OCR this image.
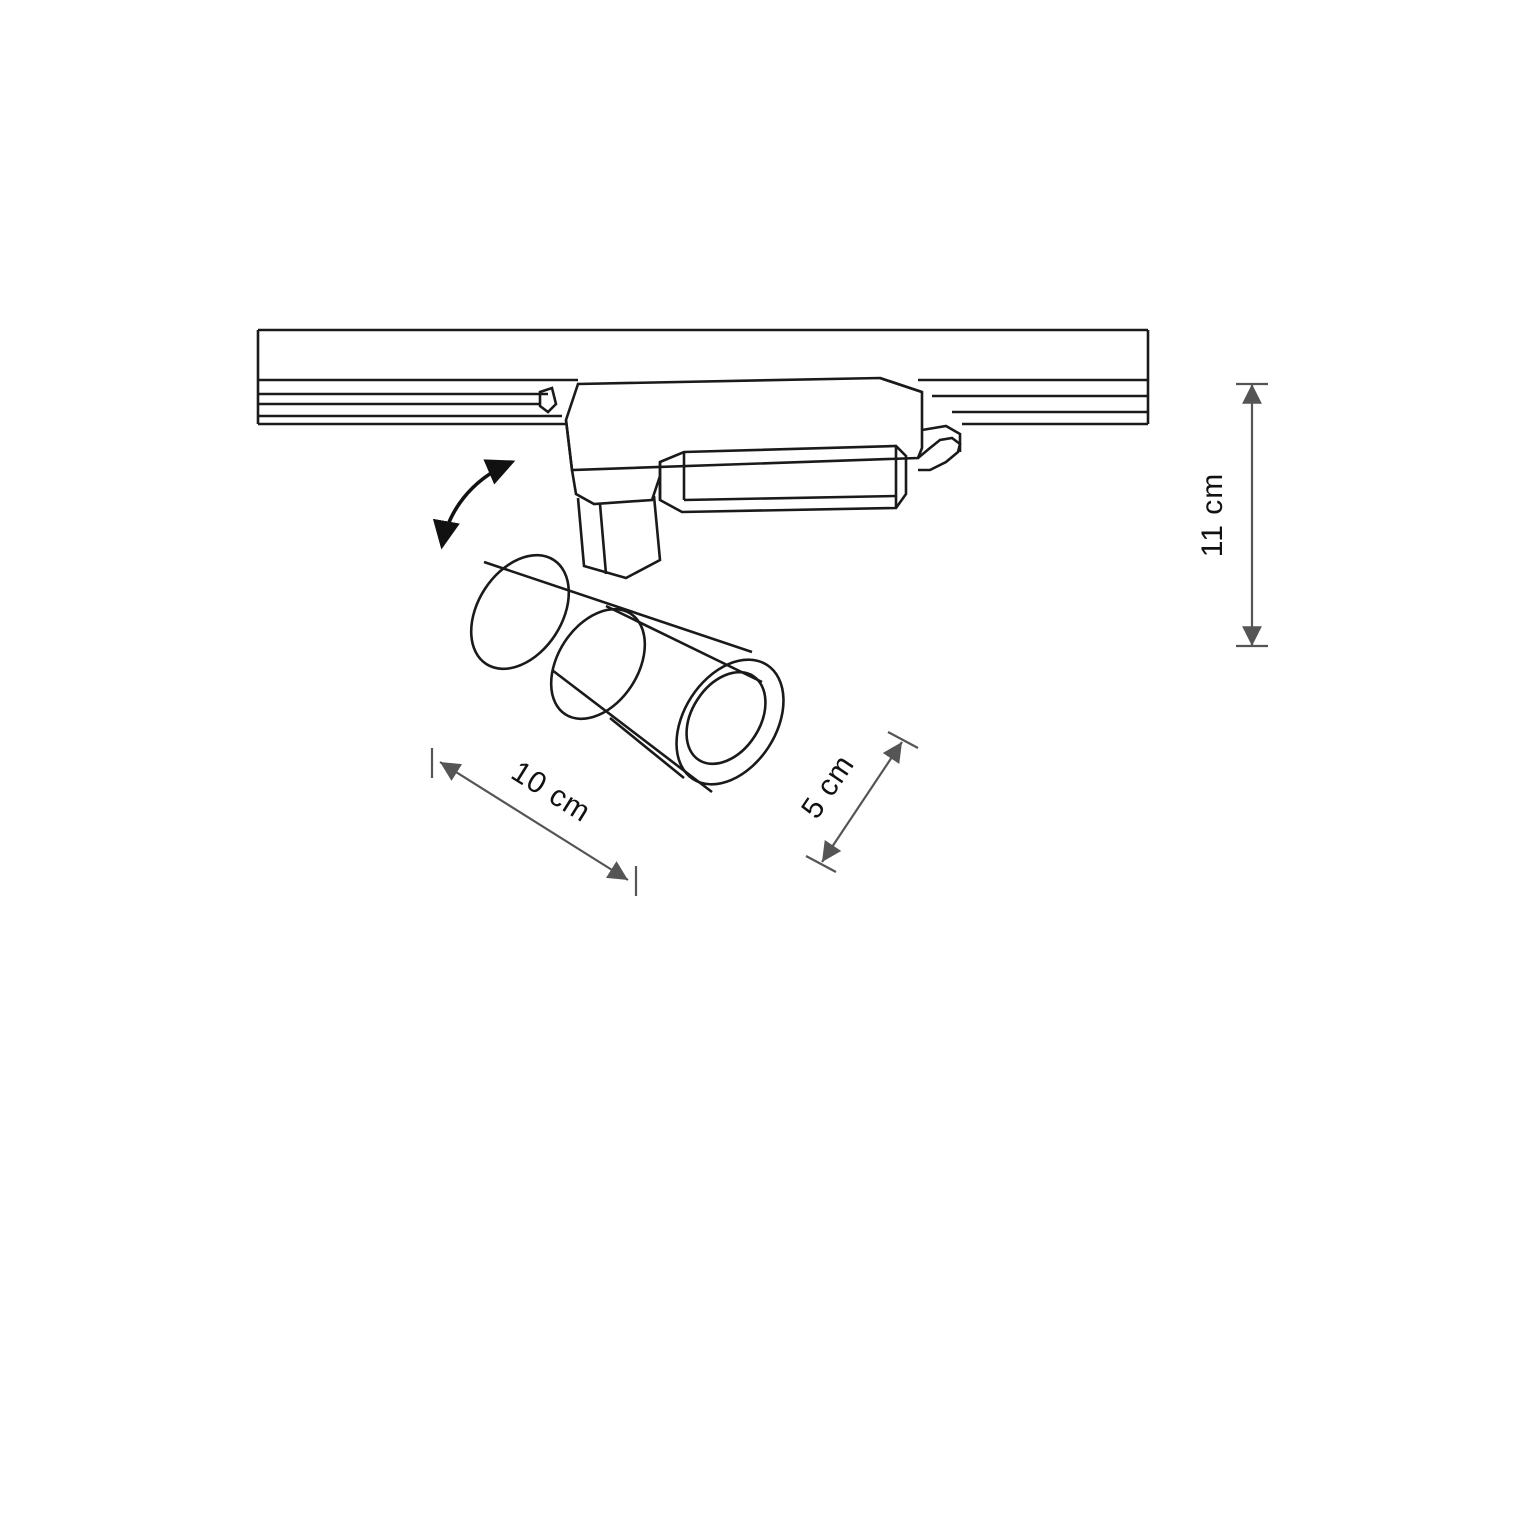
11 cm
10 cm	5 cm
